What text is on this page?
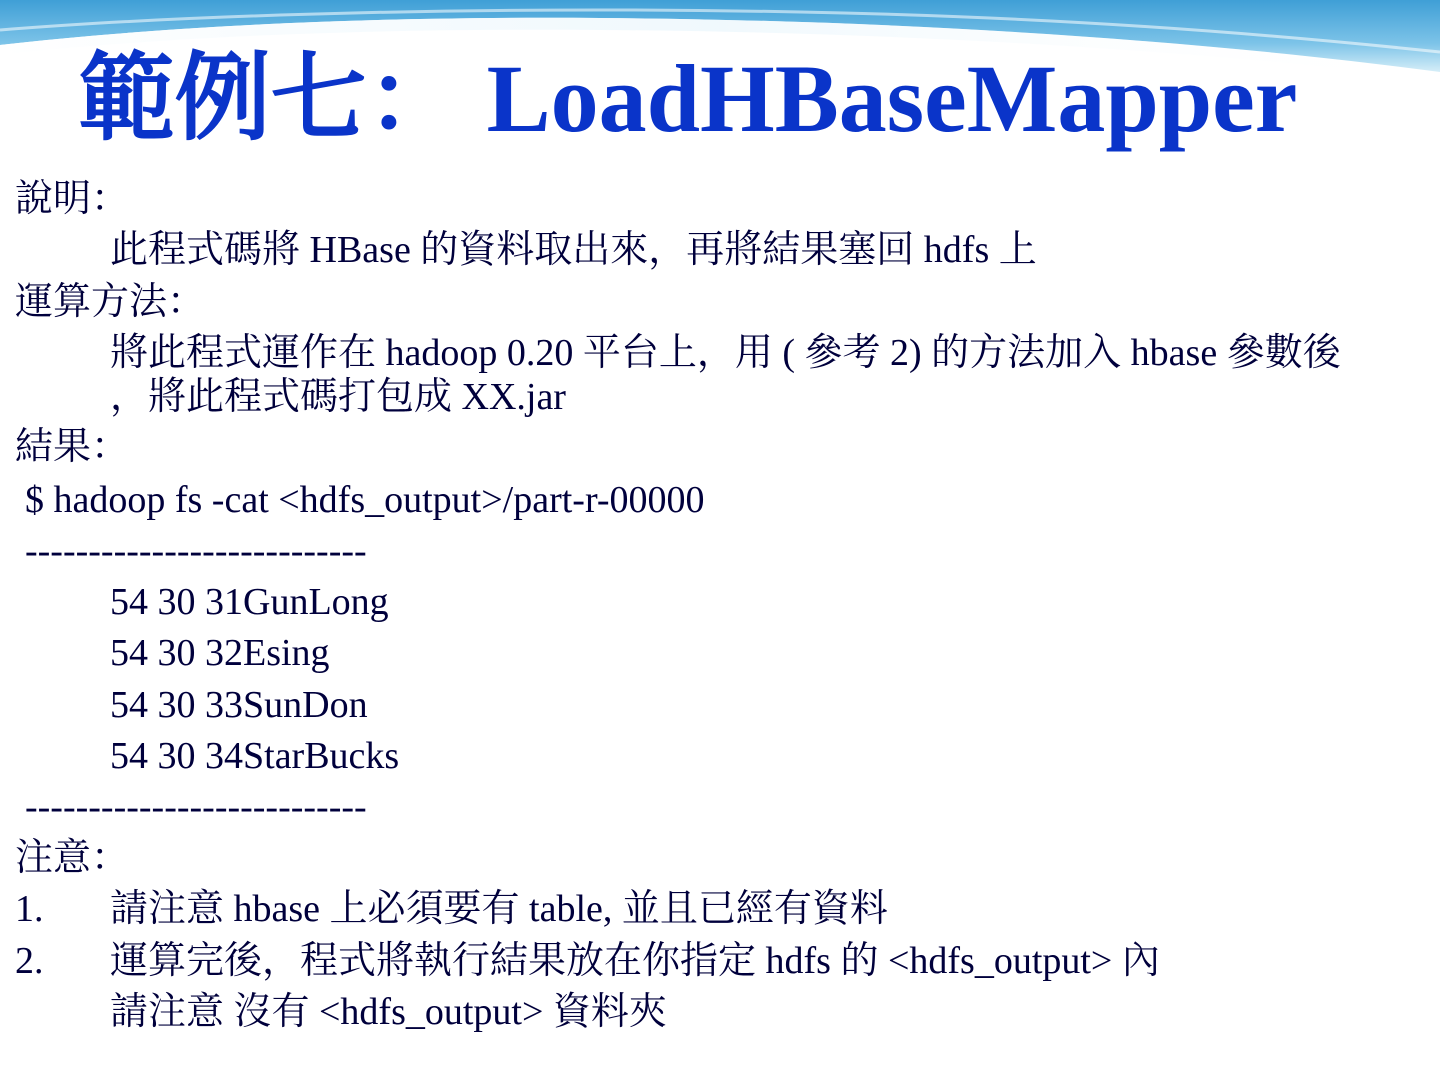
範例七： LoadHBaseMapper
說明：
此程式碼將 HBase 的資料取出來，再將結果塞回 hdfs 上
運算方法：
將此程式運作在 hadoop 0.20 平台上，用 ( 參考 2) 的方法加入 hbase 參數後
，將此程式碼打包成 XX.jar
結果：
$ hadoop fs -cat <hdfs_output>/part-r-00000
---------------------------
54 30 31GunLong
54 30 32Esing
54 30 33SunDon
54 30 34StarBucks
---------------------------
注意：
1. 請注意 hbase 上必須要有 table, 並且已經有資料
2. 運算完後，程式將執行結果放在你指定 hdfs 的 <hdfs_output> 內
請注意 沒有 <hdfs_output> 資料夾
